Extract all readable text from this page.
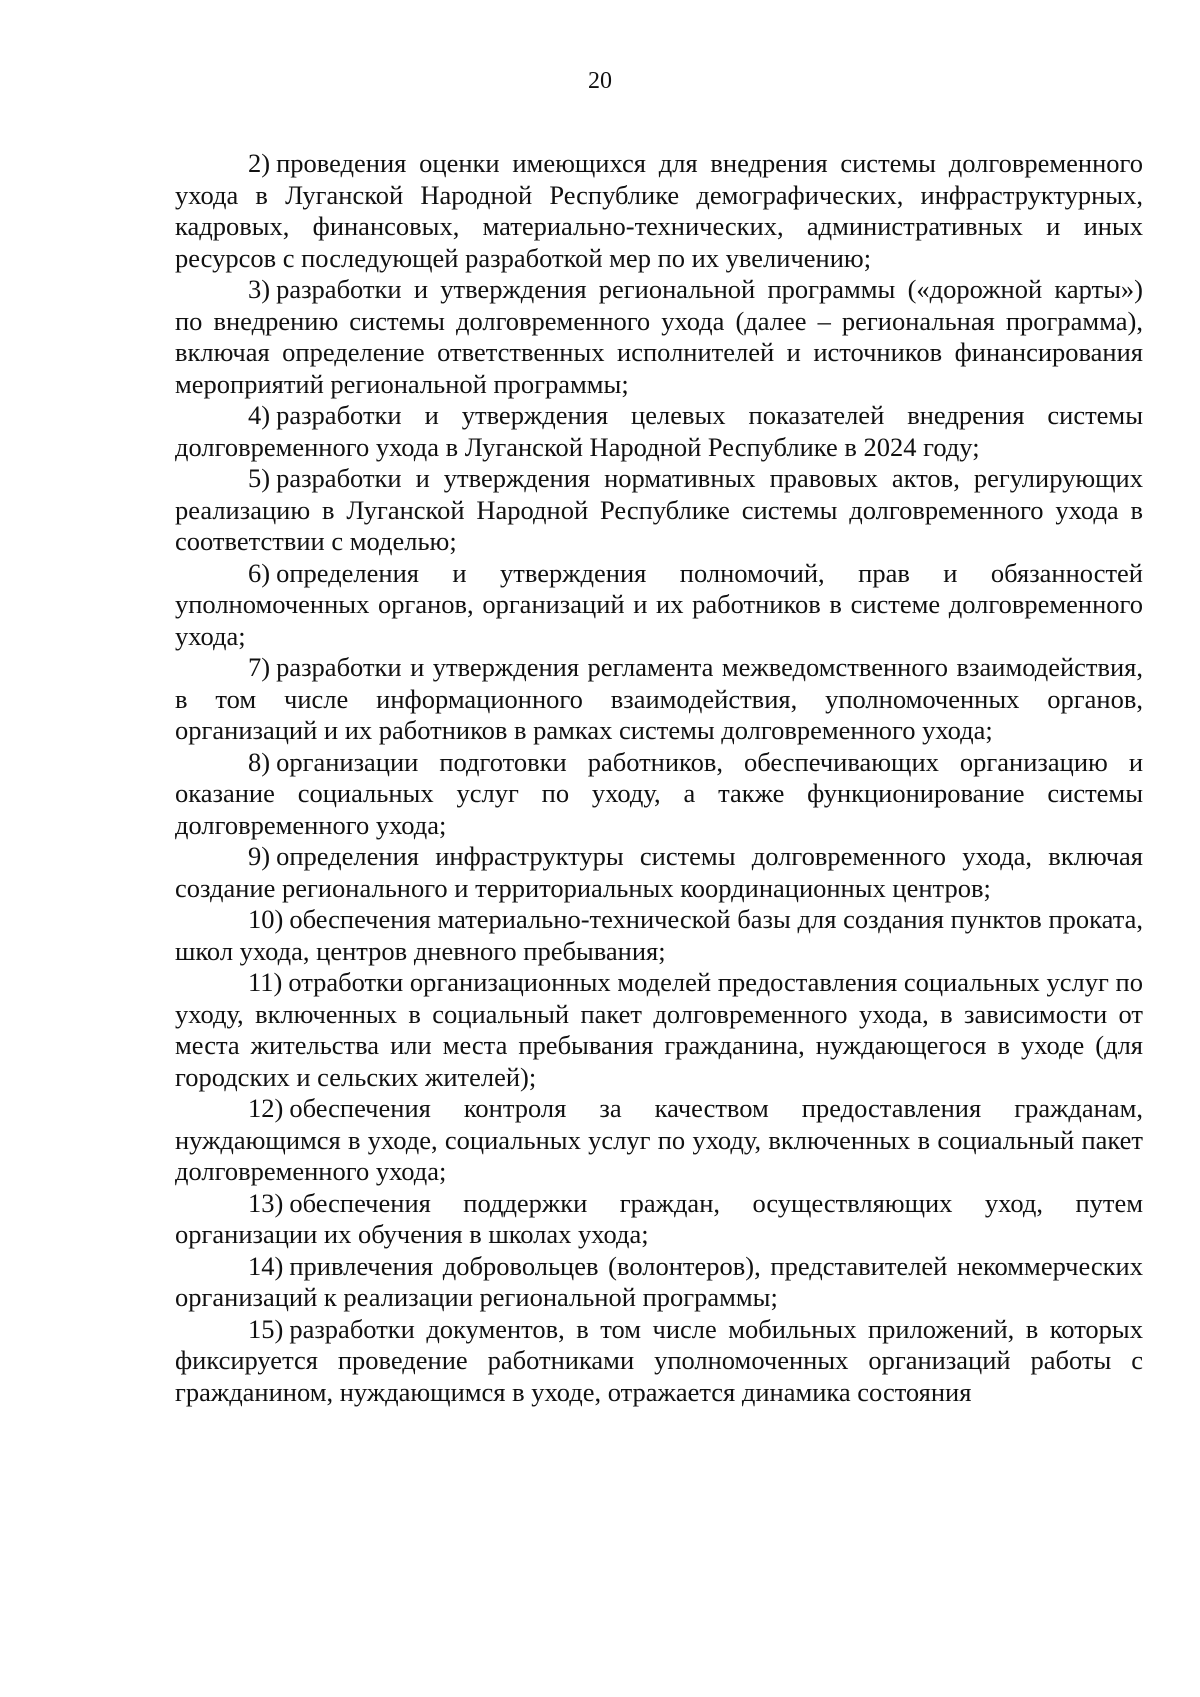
20

2) проведения оценки имеющихся для внедрения системы долговременного ухода в Луганской Народной Республике демографических, инфраструктурных, кадровых, финансовых, материально-технических, административных и иных ресурсов с последующей разработкой мер по их увеличению;

3) разработки и утверждения региональной программы («дорожной карты») по внедрению системы долговременного ухода (далее – региональная программа), включая определение ответственных исполнителей и источников финансирования мероприятий региональной программы;

4) разработки и утверждения целевых показателей внедрения системы долговременного ухода в Луганской Народной Республике в 2024 году;

5) разработки и утверждения нормативных правовых актов, регулирующих реализацию в Луганской Народной Республике системы долговременного ухода в соответствии с моделью;

6) определения и утверждения полномочий, прав и обязанностей уполномоченных органов, организаций и их работников в системе долговременного ухода;

7) разработки и утверждения регламента межведомственного взаимодействия, в том числе информационного взаимодействия, уполномоченных органов, организаций и их работников в рамках системы долговременного ухода;

8) организации подготовки работников, обеспечивающих организацию и оказание социальных услуг по уходу, а также функционирование системы долговременного ухода;

9) определения инфраструктуры системы долговременного ухода, включая создание регионального и территориальных координационных центров;

10) обеспечения материально-технической базы для создания пунктов проката, школ ухода, центров дневного пребывания;

11) отработки организационных моделей предоставления социальных услуг по уходу, включенных в социальный пакет долговременного ухода, в зависимости от места жительства или места пребывания гражданина, нуждающегося в уходе (для городских и сельских жителей);

12) обеспечения контроля за качеством предоставления гражданам, нуждающимся в уходе, социальных услуг по уходу, включенных в социальный пакет долговременного ухода;

13) обеспечения поддержки граждан, осуществляющих уход, путем организации их обучения в школах ухода;

14) привлечения добровольцев (волонтеров), представителей некоммерческих организаций к реализации региональной программы;

15) разработки документов, в том числе мобильных приложений, в которых фиксируется проведение работниками уполномоченных организаций работы с гражданином, нуждающимся в уходе, отражается динамика состояния
